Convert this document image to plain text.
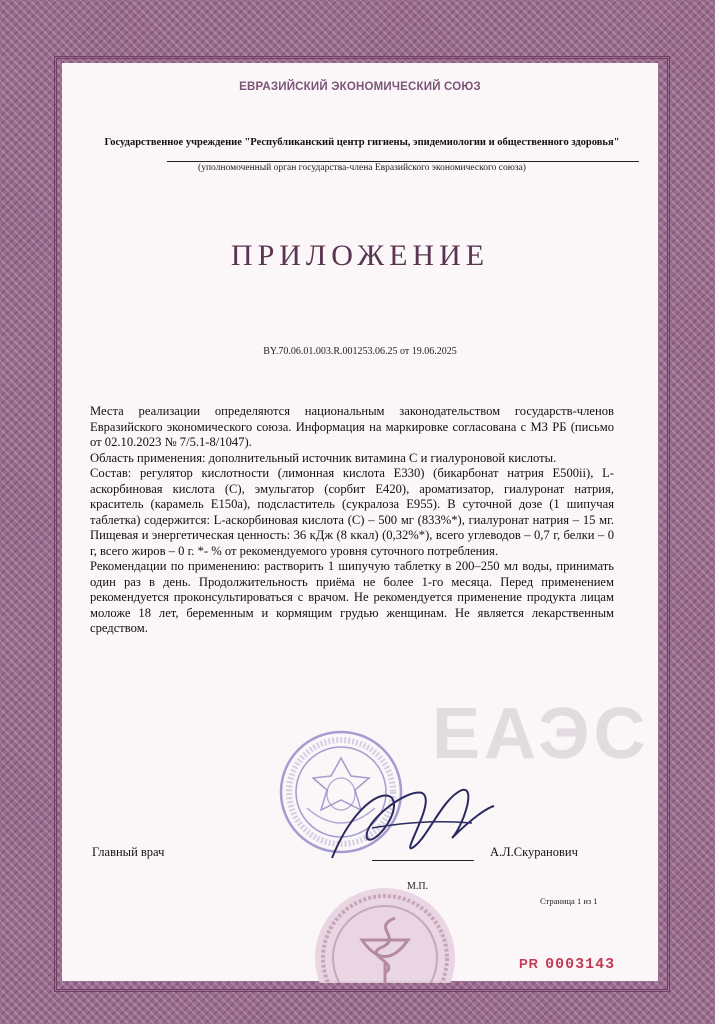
ЕВРАЗИЙСКИЙ ЭКОНОМИЧЕСКИЙ СОЮЗ
Государственное учреждение "Республиканский центр гигиены, эпидемиологии и общественного здоровья"
(уполномоченный орган государства-члена Евразийского экономического союза)
ПРИЛОЖЕНИЕ
BY.70.06.01.003.R.001253.06.25 от 19.06.2025
ЕАЭС

Места реализации определяются национальным законодательством государств-членов Евразийского экономического союза. Информация на маркировке согласована с МЗ РБ (письмо от 02.10.2023 № 7/5.1-8/1047).

Область применения: дополнительный источник витамина С и гиалуроновой кислоты.

Состав: регулятор кислотности (лимонная кислота E330) (бикарбонат натрия E500ii), L-аскорбиновая кислота (С), эмульгатор (сорбит E420), ароматизатор, гиалуронат натрия, краситель (карамель E150a), подсластитель (сукралоза E955). В суточной дозе (1 шипучая таблетка) содержится: L-аскорбиновая кислота (С) – 500 мг (833%*), гиалуронат натрия – 15 мг. Пищевая и энергетическая ценность: 36 кДж (8 ккал) (0,32%*), всего углеводов – 0,7 г, белки – 0 г, всего жиров – 0 г. *- % от рекомендуемого уровня суточного потребления.

Рекомендации по применению: растворить 1 шипучую таблетку в 200–250 мл воды, принимать один раз в день. Продолжительность приёма не более 1-го месяца. Перед применением рекомендуется проконсультироваться с врачом. Не рекомендуется применение продукта лицам моложе 18 лет, беременным и кормящим грудью женщинам. Не является лекарственным средством.

Главный врач	А.Л.Скуранович
М.П.
Страница 1 из 1
PR 0003143
